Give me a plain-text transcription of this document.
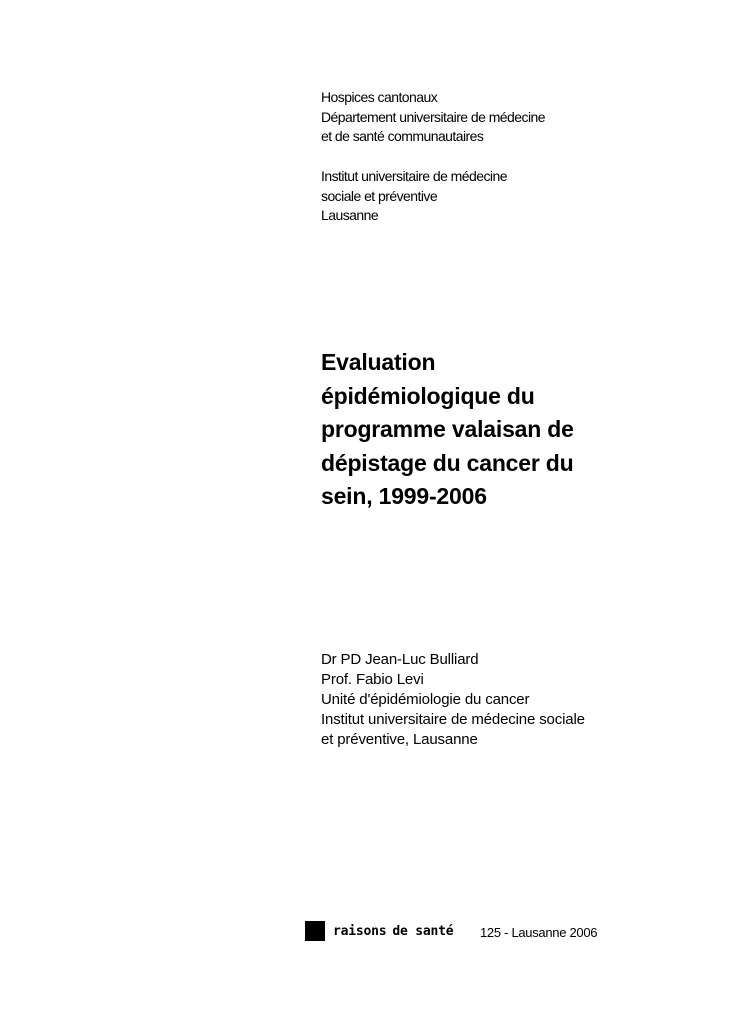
Hospices cantonaux
Département universitaire de médecine
et de santé communautaires
Institut universitaire de médecine
sociale et préventive
Lausanne
Evaluation
épidémiologique du
programme valaisan de
dépistage du cancer du
sein, 1999-2006
Dr PD Jean-Luc Bulliard
Prof. Fabio Levi
Unité d'épidémiologie du cancer
Institut universitaire de médecine sociale
et préventive, Lausanne
raisons de santé 125 - Lausanne 2006
